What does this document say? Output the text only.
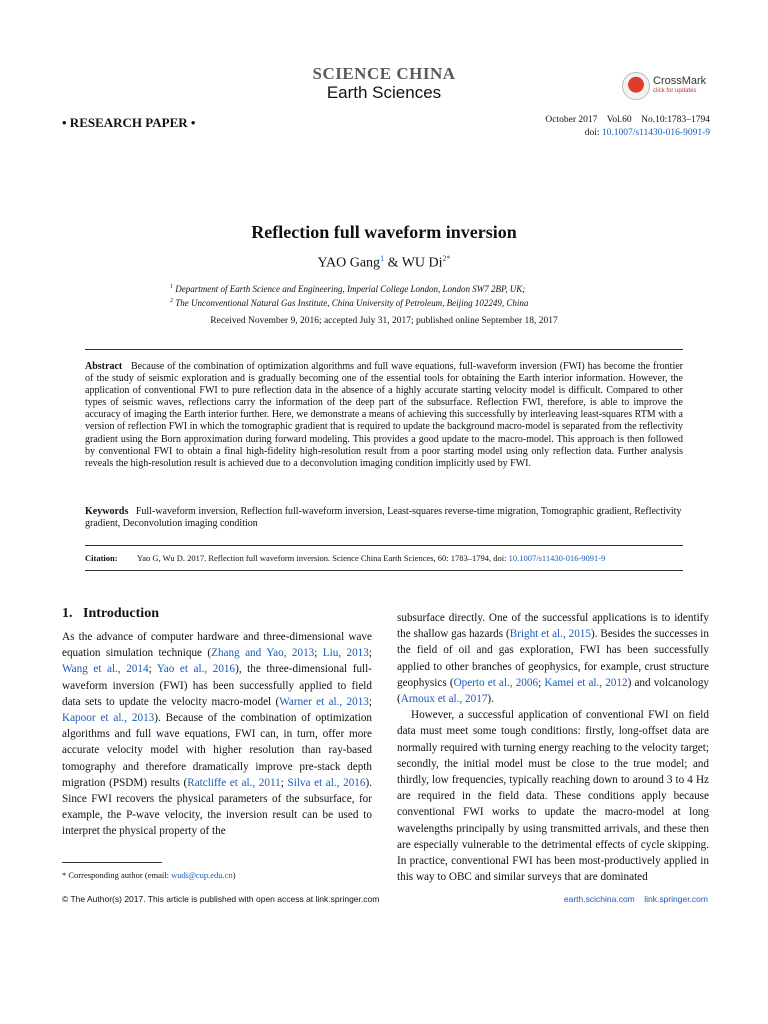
SCIENCE CHINA
Earth Sciences
CrossMark
click for updates
• RESEARCH PAPER •	October 2017    Vol.60    No.10:1783–1794
doi: 10.1007/s11430-016-9091-9
Reflection full waveform inversion
YAO Gang$^1$ & WU $Di^{2*}$
$^1$ Department of Earth Science and Engineering, Imperial College London, London SW7 2BP, UK;
$^2$ The Unconventional Natural Gas Institute, China University of Petroleum, Beijing 102249, China
Received November 9, 2016; accepted July 31, 2017; published online September 18, 2017
Abstract Because of the combination of optimization algorithms and full wave equations, full-waveform inversion (FWI) has become the frontier of the study of seismic exploration and is gradually becoming one of the essential tools for obtaining the Earth interior information. However, the application of conventional FWI to pure reflection data in the absence of a highly accurate starting velocity model is difficult. Compared to other types of seismic waves, reflections carry the information of the deep part of the subsurface. Reflection FWI, therefore, is able to improve the accuracy of imaging the Earth interior further. Here, we demonstrate a means of achieving this successfully by interleaving least-squares RTM with a version of reflection FWI in which the tomographic gradient that is required to update the background macro-model is separated from the reflectivity gradient using the Born approximation during forward modeling. This provides a good update to the macro-model. This approach is then followed by conventional FWI to obtain a final high-fidelity high-resolution result from a poor starting model using only reflection data. Further analysis reveals the high-resolution result is achieved due to a deconvolution imaging condition implicitly used by FWI.
Keywords Full-waveform inversion, Reflection full-waveform inversion, Least-squares reverse-time migration, Tomographic gradient, Reflectivity gradient, Deconvolution imaging condition
Citation: Yao G, Wu D. 2017. Reflection full waveform inversion. Science China Earth Sciences, 60: 1783–1794, doi: 10.1007/s11430-016-9091-9
1.   Introduction
As the advance of computer hardware and three-dimensional wave equation simulation technique (Zhang and Yao, 2013; Liu, 2013; Wang et al., 2014; Yao et al., 2016), the three-dimensional full-waveform inversion (FWI) has been successfully applied to field data sets to update the velocity macro-model (Warner et al., 2013; Kapoor et al., 2013). Because of the combination of optimization algorithms and full wave equations, FWI can, in turn, offer more accurate velocity model with higher resolution than ray-based tomography and therefore dramatically improve pre-stack depth migration (PSDM) results (Ratcliffe et al., 2011; Silva et al., 2016). Since FWI recovers the physical parameters of the subsurface, for example, the P-wave velocity, the inversion result can be used to interpret the physical property of the
subsurface directly. One of the successful applications is to identify the shallow gas hazards (Bright et al., 2015). Besides the successes in the field of oil and gas exploration, FWI has been successfully applied to other branches of geophysics, for example, crust structure geophysics (Operto et al., 2006; Kamei et al., 2012) and volcanology (Arnoux et al., 2017).
However, a successful application of conventional FWI on field data must meet some tough conditions: firstly, long-offset data are normally required with turning energy reaching to the velocity target; secondly, the initial model must be close to the true model; and thirdly, low frequencies, typically reaching down to around 3 to 4 Hz are required in the field data. These conditions apply because conventional FWI works to update the macro-model at long wavelengths principally by using transmitted arrivals, and these then are especially vulnerable to the detrimental effects of cycle skipping. In practice, conventional FWI has been most-productively applied in this way to OBC and similar surveys that are dominated
* Corresponding author (email: wudi@cup.edu.cn)
© The Author(s) 2017. This article is published with open access at link.springer.com	earth.scichina.com link.springer.com
